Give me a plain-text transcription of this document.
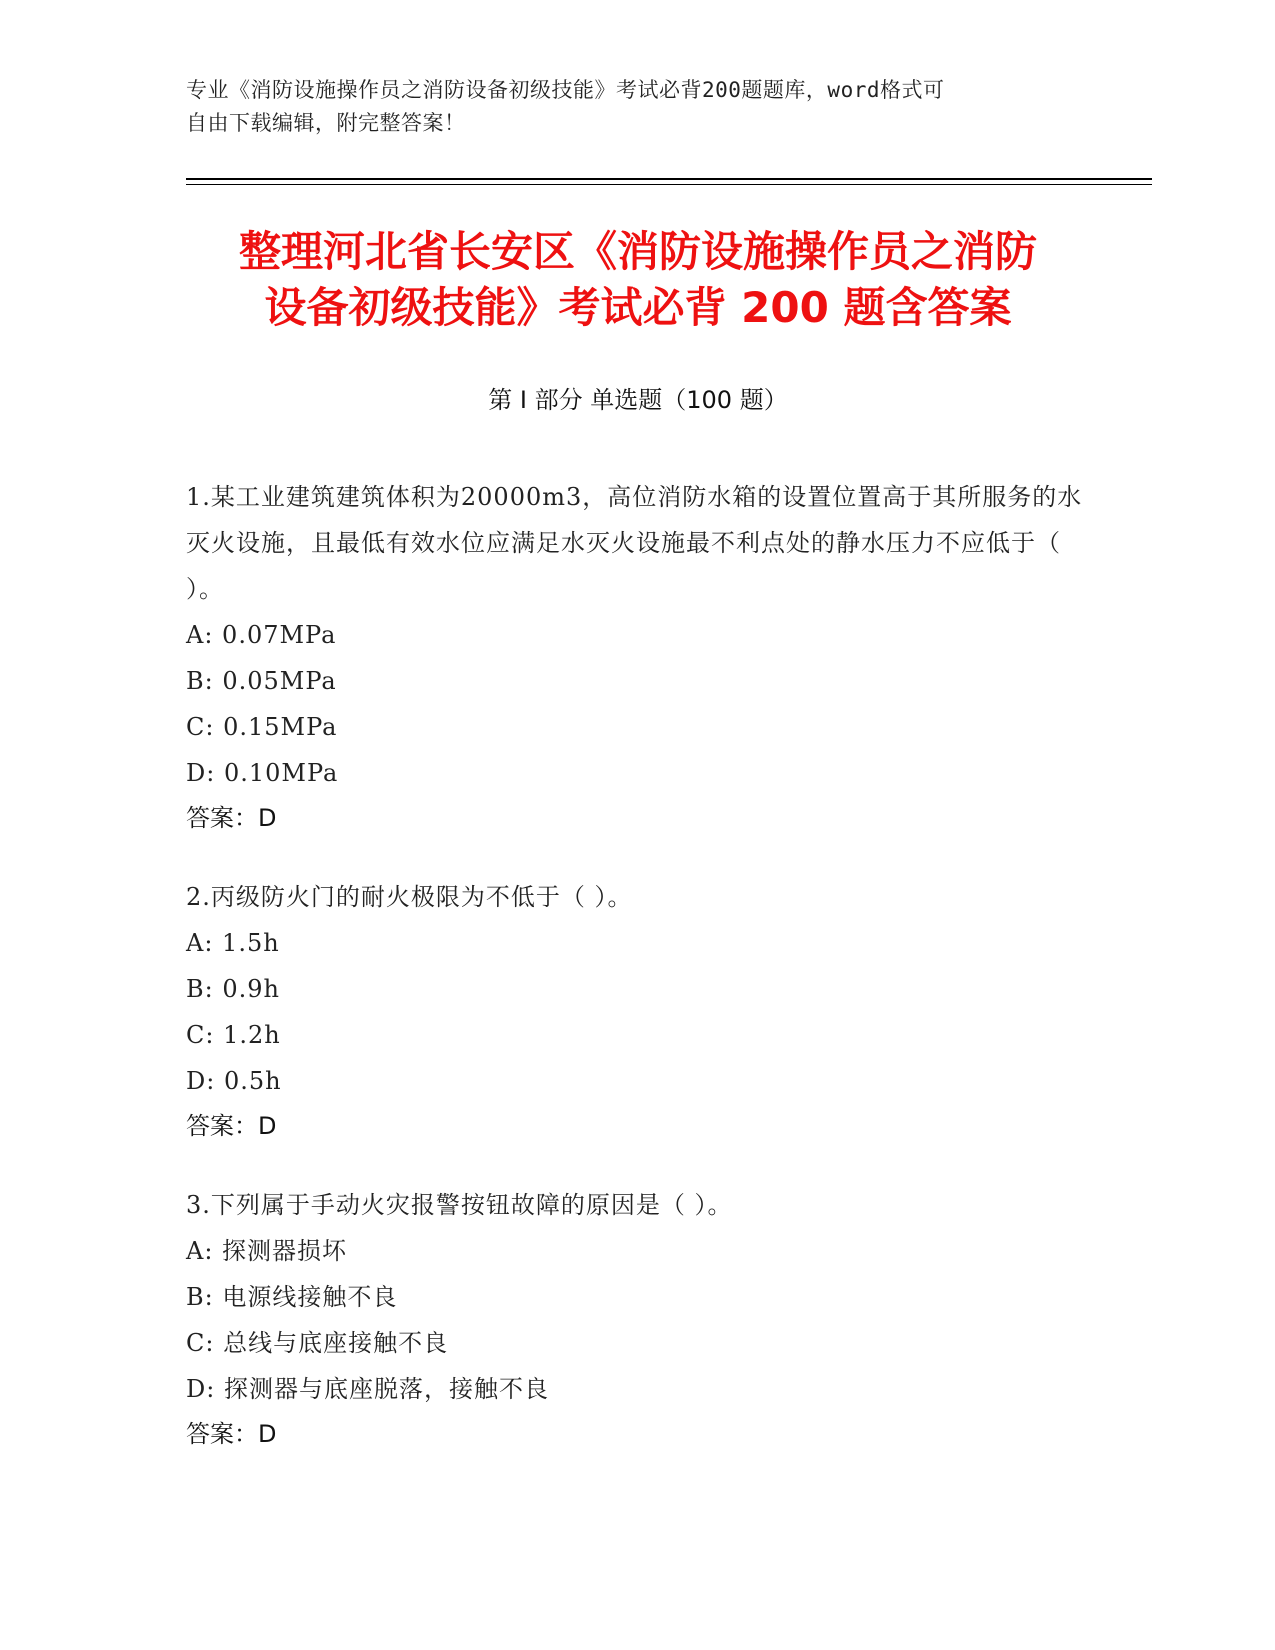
专业《消防设施操作员之消防设备初级技能》考试必背200题题库，word格式可
自由下载编辑，附完整答案！
整理河北省长安区《消防设施操作员之消防
设备初级技能》考试必背 200 题含答案
第 I 部分 单选题（100 题）
1.某工业建筑建筑体积为20000m3，高位消防水箱的设置位置高于其所服务的水灭火设施，且最低有效水位应满足水灭火设施最不利点处的静水压力不应低于（ ）。
A: 0.07MPa
B: 0.05MPa
C: 0.15MPa
D: 0.10MPa
答案：D
2.丙级防火门的耐火极限为不低于（ ）。
A: 1.5h
B: 0.9h
C: 1.2h
D: 0.5h
答案：D
3.下列属于手动火灾报警按钮故障的原因是（ ）。
A: 探测器损坏
B: 电源线接触不良
C: 总线与底座接触不良
D: 探测器与底座脱落，接触不良
答案：D
